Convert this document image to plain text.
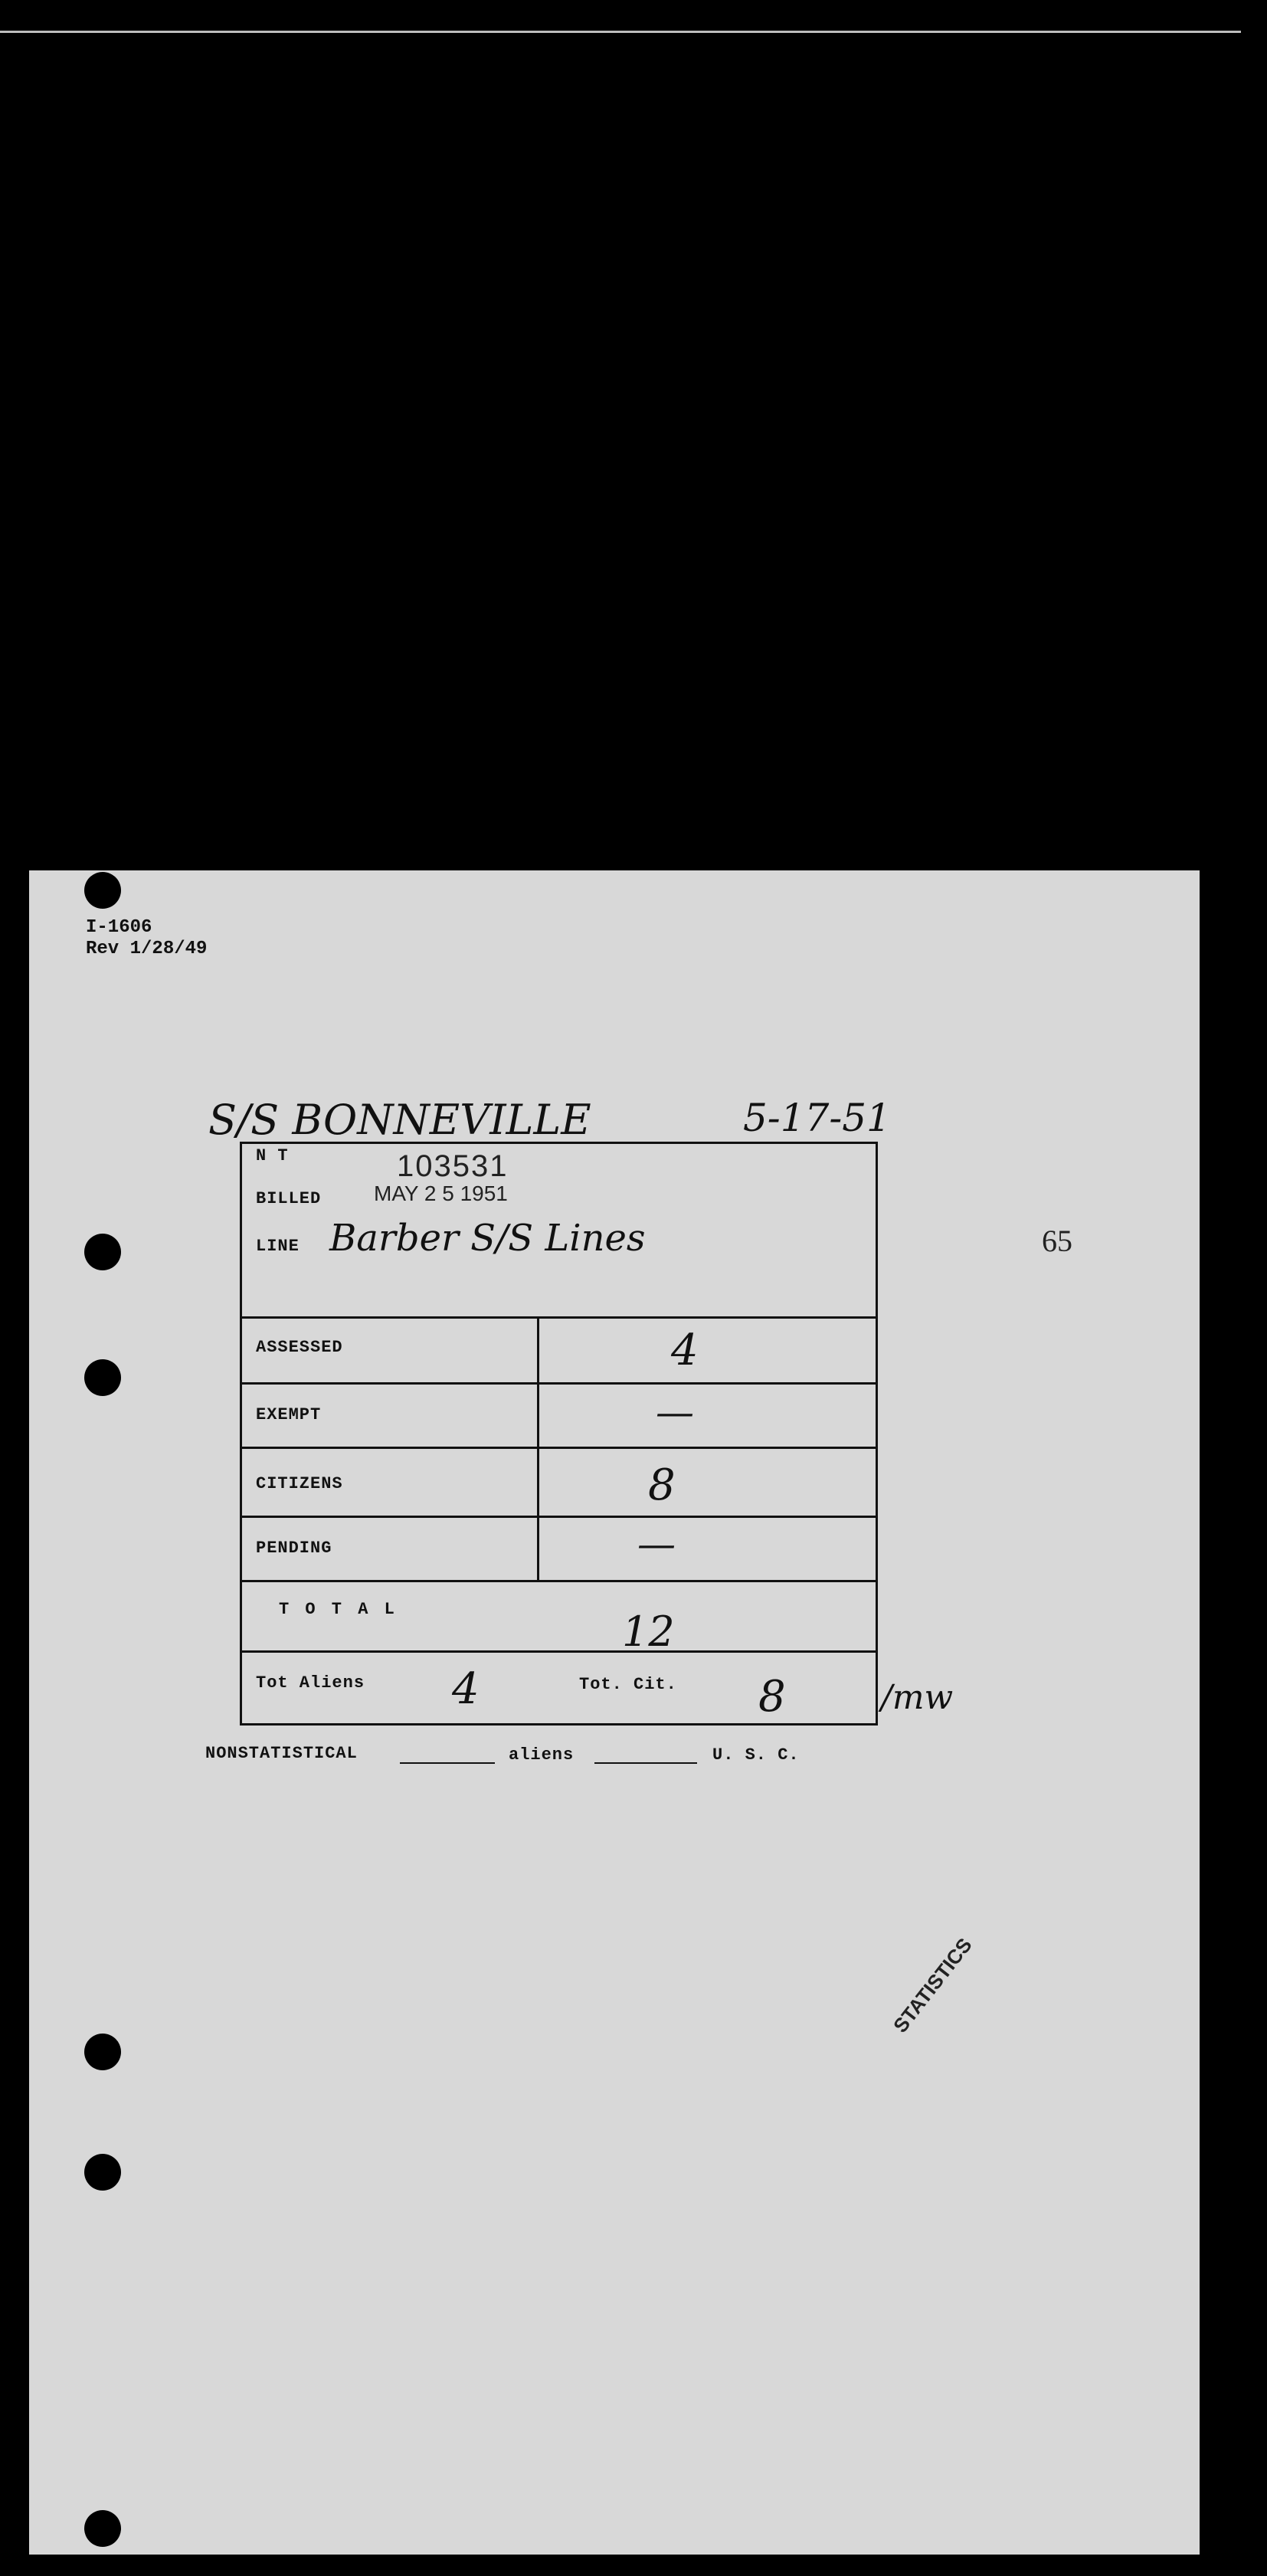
I-1606
Rev 1/28/49
S/S BONNEVILLE	5-17-51
N T	103531
BILLED MAY 2 5 1951
LINE Barber S/S Lines	65
ASSESSED	4
EXEMPT	—
CITIZENS	8
PENDING	—
T O T A L	12
Tot Aliens 4	Tot. Cit. 8	/mw
NONSTATISTICAL	aliens	U. S. C.
STATISTICS
